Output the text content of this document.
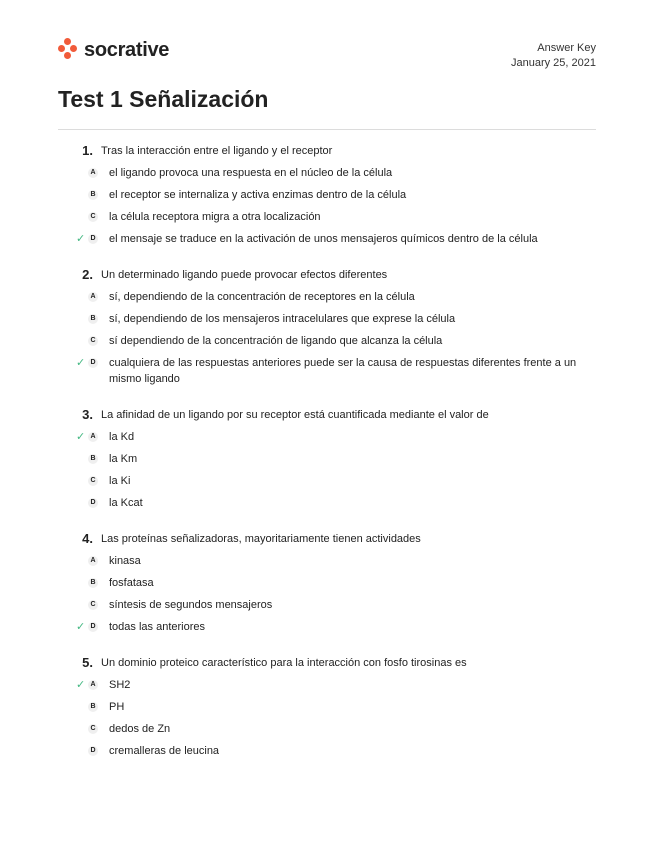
socrative	Answer Key
January 25, 2021
Test 1 Señalización
1. Tras la interacción entre el ligando y el receptor
A el ligando provoca una respuesta en el núcleo de la célula
B el receptor se internaliza y activa enzimas dentro de la célula
C la célula receptora migra a otra localización
✓ D el mensaje se traduce en la activación de unos mensajeros químicos dentro de la célula
2. Un determinado ligando puede provocar efectos diferentes
A sí, dependiendo de la concentración de receptores en la célula
B sí, dependiendo de los mensajeros intracelulares que exprese la célula
C sí dependiendo de la concentración de ligando que alcanza la célula
✓ D cualquiera de las respuestas anteriores puede ser la causa de respuestas diferentes frente a un mismo ligando
3. La afinidad de un ligando por su receptor está cuantificada mediante el valor de
✓ A la Kd
B la Km
C la Ki
D la Kcat
4. Las proteínas señalizadoras, mayoritariamente tienen actividades
A kinasa
B fosfatasa
C síntesis de segundos mensajeros
✓ D todas las anteriores
5. Un dominio proteico característico para la interacción con fosfo tirosinas es
✓ A SH2
B PH
C dedos de Zn
D cremalleras de leucina
